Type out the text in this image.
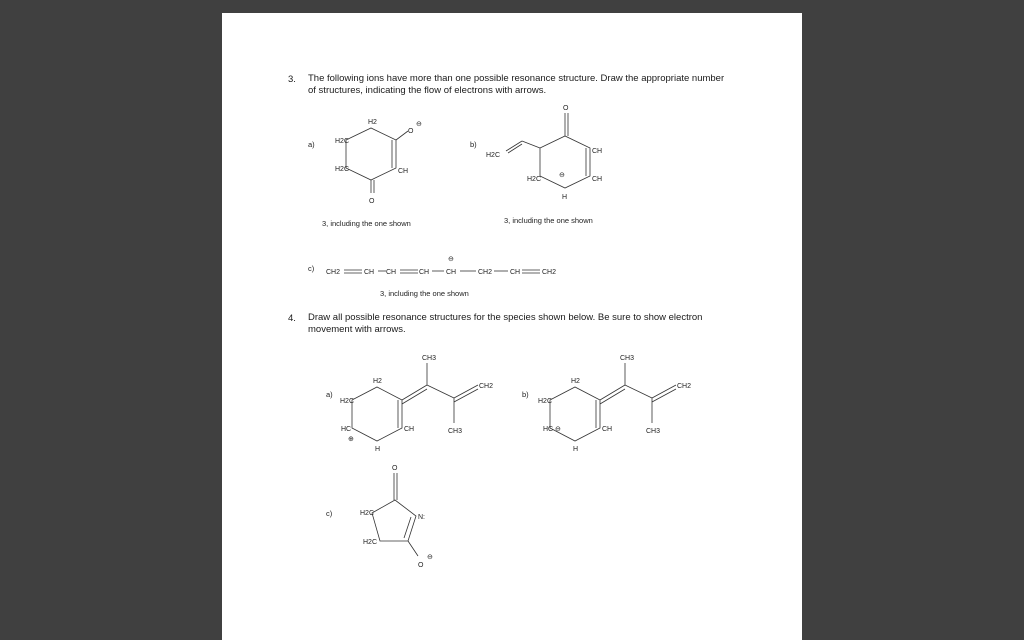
3. The following ions have more than one possible resonance structure. Draw the appropriate number
of structures, indicating the flow of electrons with arrows.
a)	b)
c)
3, including the one shown	3, including the one shown
3, including the one shown
4. Draw all possible resonance structures for the species shown below. Be sure to show electron
movement with arrows.
a)	b)
c)
H2
H2C
H2C	CH
O
⊖
O
O
CH
CH
H2C
H2C
⊖
H
CH2	CH CH	CH CH
⊖
CH2	CH	CH2
H2
H2C
HC
⊕
CH
H
CH3
CH2
CH3
H2
H2C
HC ⊖	CH
H
CH3
CH2
CH3
O
H2C
H2C
N:
O
⊖
